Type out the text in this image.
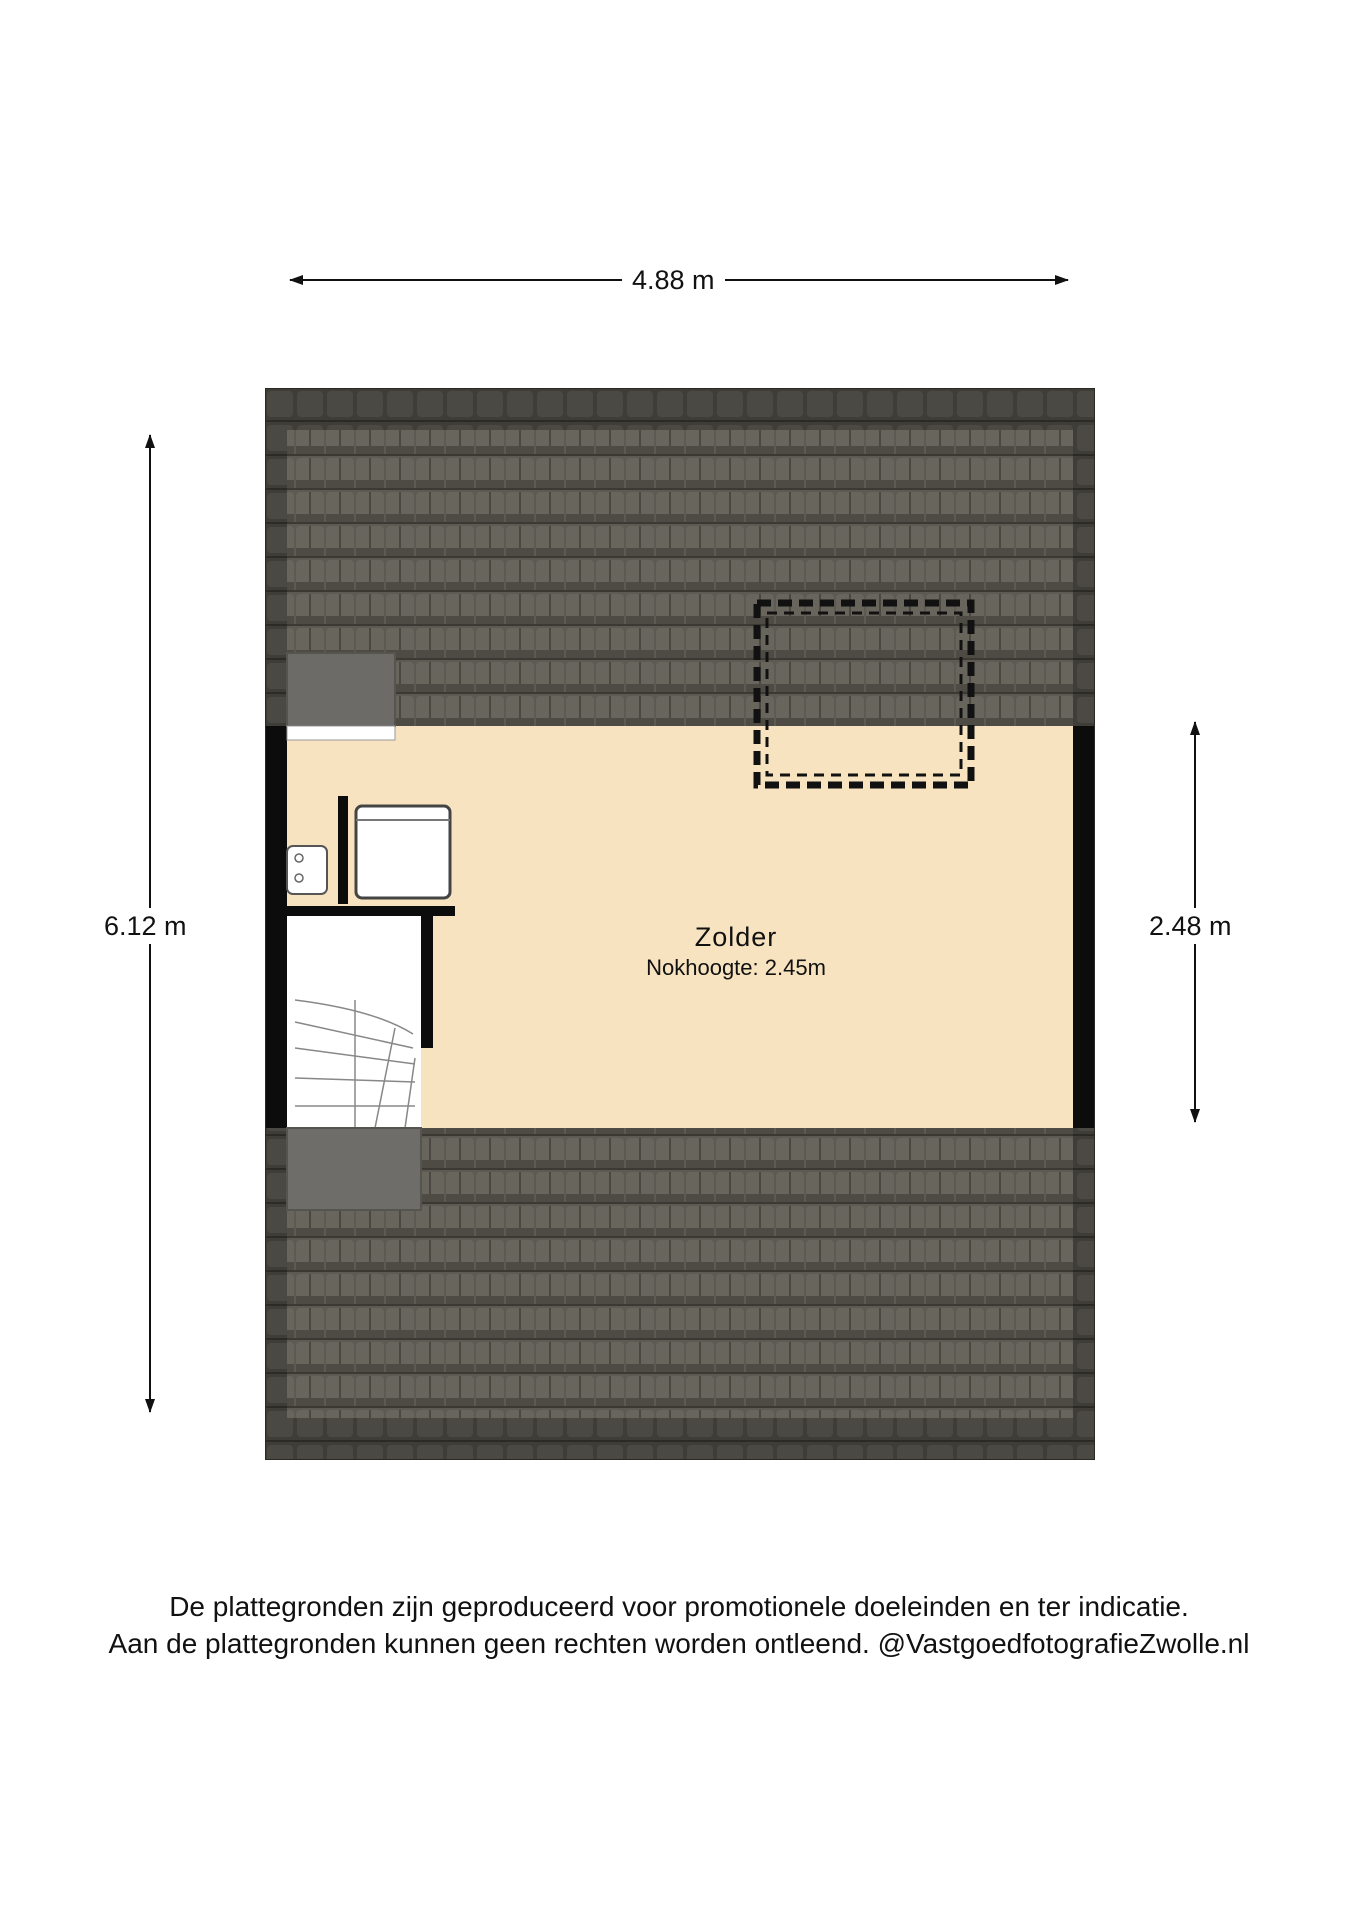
4.88 m
6.12 m	2.48 m
Zolder
Nokhoogte: 2.45m
De plattegronden zijn geproduceerd voor promotionele doeleinden en ter indicatie.
Aan de plattegronden kunnen geen rechten worden ontleend. @VastgoedfotografieZwolle.nl
